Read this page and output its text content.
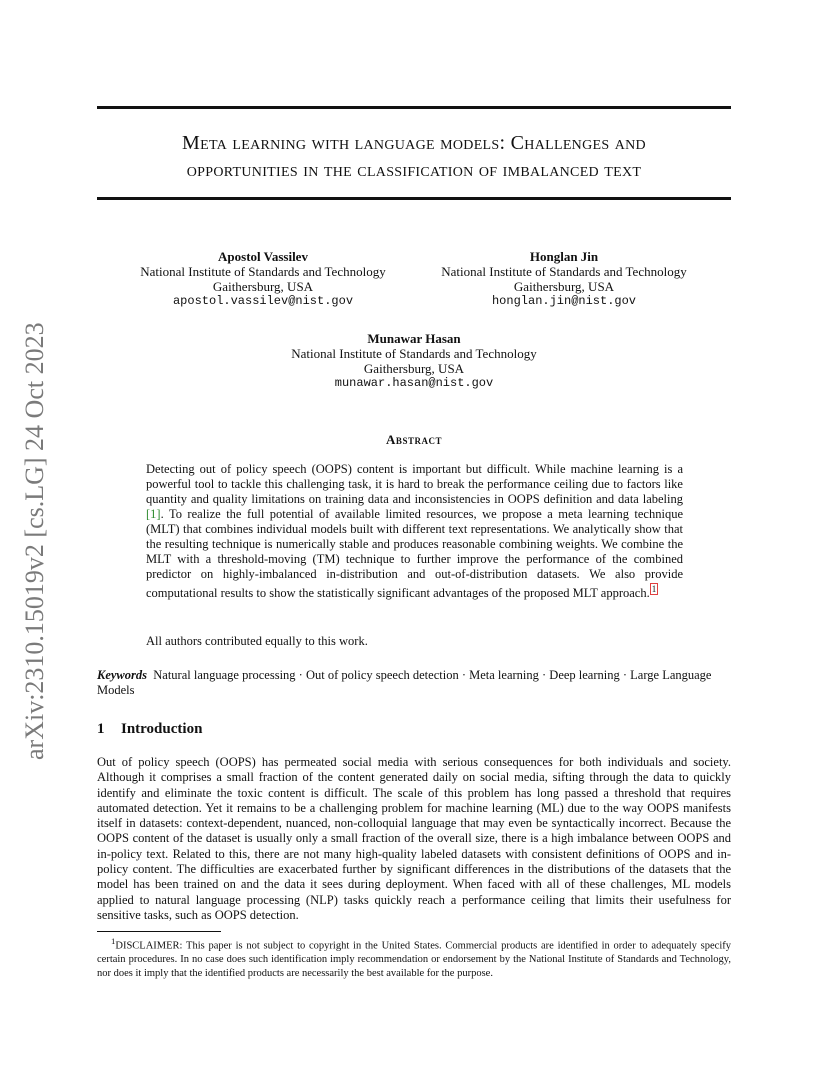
Meta learning with language models: Challenges and
opportunities in the classification of imbalanced text
arXiv:2310.15019v2 [cs.LG] 24 Oct 2023
Apostol Vassilev
National Institute of Standards and Technology
Gaithersburg, USA
apostol.vassilev@nist.gov
Honglan Jin
National Institute of Standards and Technology
Gaithersburg, USA
honglan.jin@nist.gov
Munawar Hasan
National Institute of Standards and Technology
Gaithersburg, USA
munawar.hasan@nist.gov
Abstract
Detecting out of policy speech (OOPS) content is important but difficult. While machine learning is a powerful tool to tackle this challenging task, it is hard to break the performance ceiling due to factors like quantity and quality limitations on training data and inconsistencies in OOPS definition and data labeling [1]. To realize the full potential of available limited resources, we propose a meta learning technique (MLT) that combines individual models built with different text representations. We analytically show that the resulting technique is numerically stable and produces reasonable combining weights. We combine the MLT with a threshold-moving (TM) technique to further improve the performance of the combined predictor on highly-imbalanced in-distribution and out-of-distribution datasets. We also provide computational results to show the statistically significant advantages of the proposed MLT approach. $^1$
All authors contributed equally to this work.
Keywords Natural language processing · Out of policy speech detection · Meta learning · Deep learning · Large Language Models
1 Introduction
Out of policy speech (OOPS) has permeated social media with serious consequences for both individuals and society. Although it comprises a small fraction of the content generated daily on social media, sifting through the data to quickly identify and eliminate the toxic content is difficult. The scale of this problem has long passed a threshold that requires automated detection. Yet it remains to be a challenging problem for machine learning (ML) due to the way OOPS manifests itself in datasets: context-dependent, nuanced, non-colloquial language that may even be syntactically incorrect. Because the OOPS content of the dataset is usually only a small fraction of the overall size, there is a high imbalance between OOPS and in-policy text. Related to this, there are not many high-quality labeled datasets with consistent definitions of OOPS and in-policy content. The difficulties are exacerbated further by significant differences in the distributions of the datasets that the model has been trained on and the data it sees during deployment. When faced with all of these challenges, ML models applied to natural language processing (NLP) tasks quickly reach a performance ceiling that limits their usefulness for sensitive tasks, such as OOPS detection.
$^1$DISCLAIMER: This paper is not subject to copyright in the United States. Commercial products are identified in order to adequately specify certain procedures. In no case does such identification imply recommendation or endorsement by the National Institute of Standards and Technology, nor does it imply that the identified products are necessarily the best available for the purpose.
